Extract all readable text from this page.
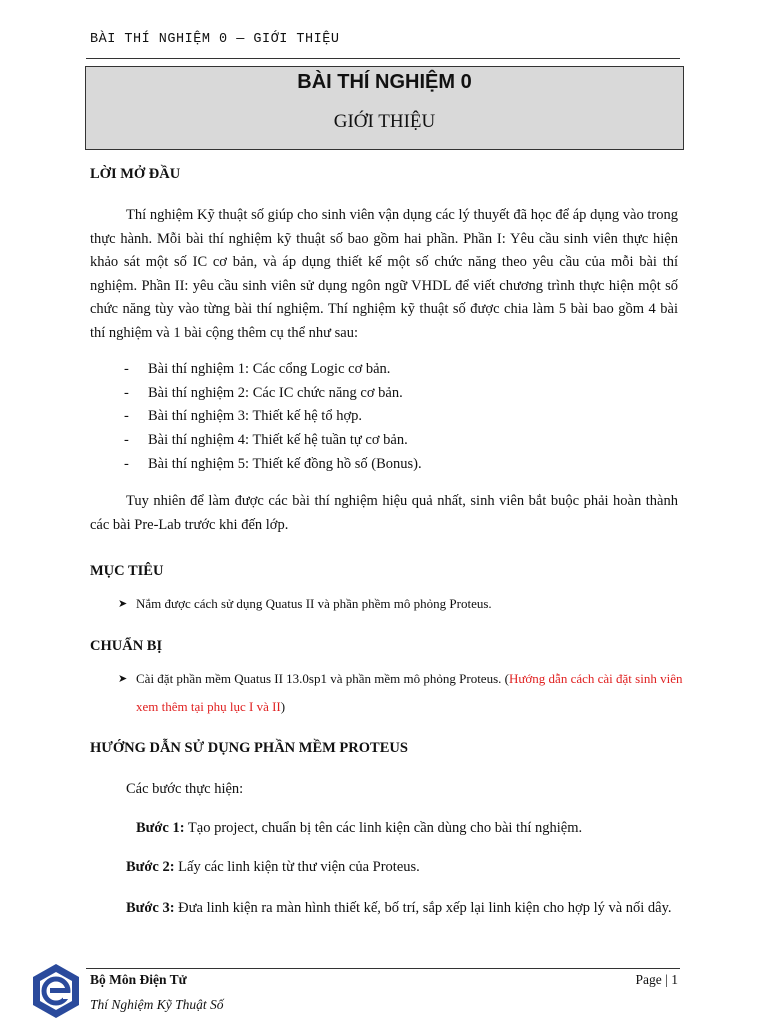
BÀI THÍ NGHIỆM 0 — GIỚI THIỆU
BÀI THÍ NGHIỆM 0
GIỚI THIỆU
LỜI MỞ ĐẦU

Thí nghiệm Kỹ thuật số giúp cho sinh viên vận dụng các lý thuyết đã học để áp dụng vào trong thực hành. Mỗi bài thí nghiệm kỹ thuật số bao gồm hai phần. Phần I: Yêu cầu sinh viên thực hiện khảo sát một số IC cơ bản, và áp dụng thiết kế một số chức năng theo yêu cầu của mỗi bài thí nghiệm. Phần II: yêu cầu sinh viên sử dụng ngôn ngữ VHDL để viết chương trình thực hiện một số chức năng tùy vào từng bài thí nghiệm. Thí nghiệm kỹ thuật số được chia làm 5 bài bao gồm 4 bài thí nghiệm và 1 bài cộng thêm cụ thể như sau:

- Bài thí nghiệm 1: Các cổng Logic cơ bản.
- Bài thí nghiệm 2: Các IC chức năng cơ bản.
- Bài thí nghiệm 3: Thiết kế hệ tổ hợp.
- Bài thí nghiệm 4: Thiết kế hệ tuần tự cơ bản.
- Bài thí nghiệm 5: Thiết kế đồng hồ số (Bonus).

Tuy nhiên để làm được các bài thí nghiệm hiệu quả nhất, sinh viên bắt buộc phải hoàn thành các bài Pre-Lab trước khi đến lớp.

MỤC TIÊU
➤ Nắm được cách sử dụng Quatus II và phần phềm mô phỏng Proteus.
CHUẨN BỊ
➤ Cài đặt phần mềm Quatus II 13.0sp1 và phần mềm mô phỏng Proteus. (Hướng dẫn cách cài đặt sinh viên xem thêm tại phụ lục I và II)
HƯỚNG DẪN SỬ DỤNG PHẦN MỀM PROTEUS
Các bước thực hiện:
Bước 1: Tạo project, chuẩn bị tên các linh kiện cần dùng cho bài thí nghiệm.
Bước 2: Lấy các linh kiện từ thư viện của Proteus.

Bước 3: Đưa linh kiện ra màn hình thiết kế, bố trí, sắp xếp lại linh kiện cho hợp lý và nối dây.

Bộ Môn Điện Tử
Thí Nghiệm Kỹ Thuật Số
Page | 1
